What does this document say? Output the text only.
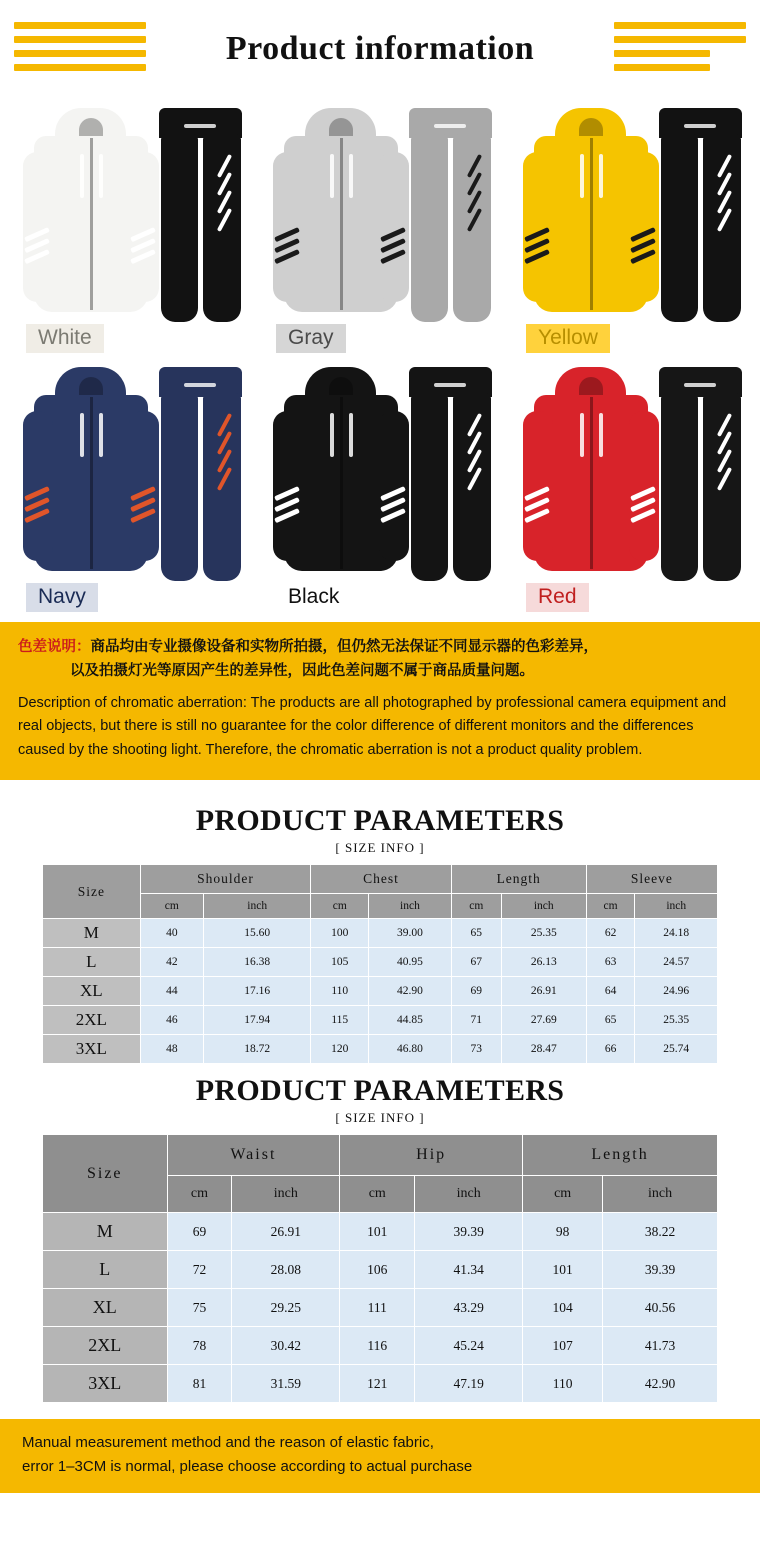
Product information
White	Gray	Yellow
Navy	Black	Red
色差说明：商品均由专业摄像设备和实物所拍摄，但仍然无法保证不同显示器的色彩差异，
以及拍摄灯光等原因产生的差异性，因此色差问题不属于商品质量问题。
Description of chromatic aberration: The products are all photographed by professional camera equipment and real objects, but there is still no guarantee for the color difference of different monitors and the differences caused by the shooting light. Therefore, the chromatic aberration is not a product quality problem.
PRODUCT PARAMETERS
[ SIZE INFO ]
Size	Shoulder		Chest		Length		Sleeve	
	cm	inch	cm	inch	cm	inch	cm	inch
M	40	15.60	100	39.00	65	25.35	62	24.18
L	42	16.38	105	40.95	67	26.13	63	24.57
XL	44	17.16	110	42.90	69	26.91	64	24.96
2XL	46	17.94	115	44.85	71	27.69	65	25.35
3XL	48	18.72	120	46.80	73	28.47	66	25.74
PRODUCT PARAMETERS
[ SIZE INFO ]
Size	Waist		Hip		Length	
	cm	inch	cm	inch	cm	inch
M	69	26.91	101	39.39	98	38.22
L	72	28.08	106	41.34	101	39.39
XL	75	29.25	111	43.29	104	40.56
2XL	78	30.42	116	45.24	107	41.73
3XL	81	31.59	121	47.19	110	42.90
Manual measurement method and the reason of elastic fabric,
error 1–3CM is normal, please choose according to actual purchase
